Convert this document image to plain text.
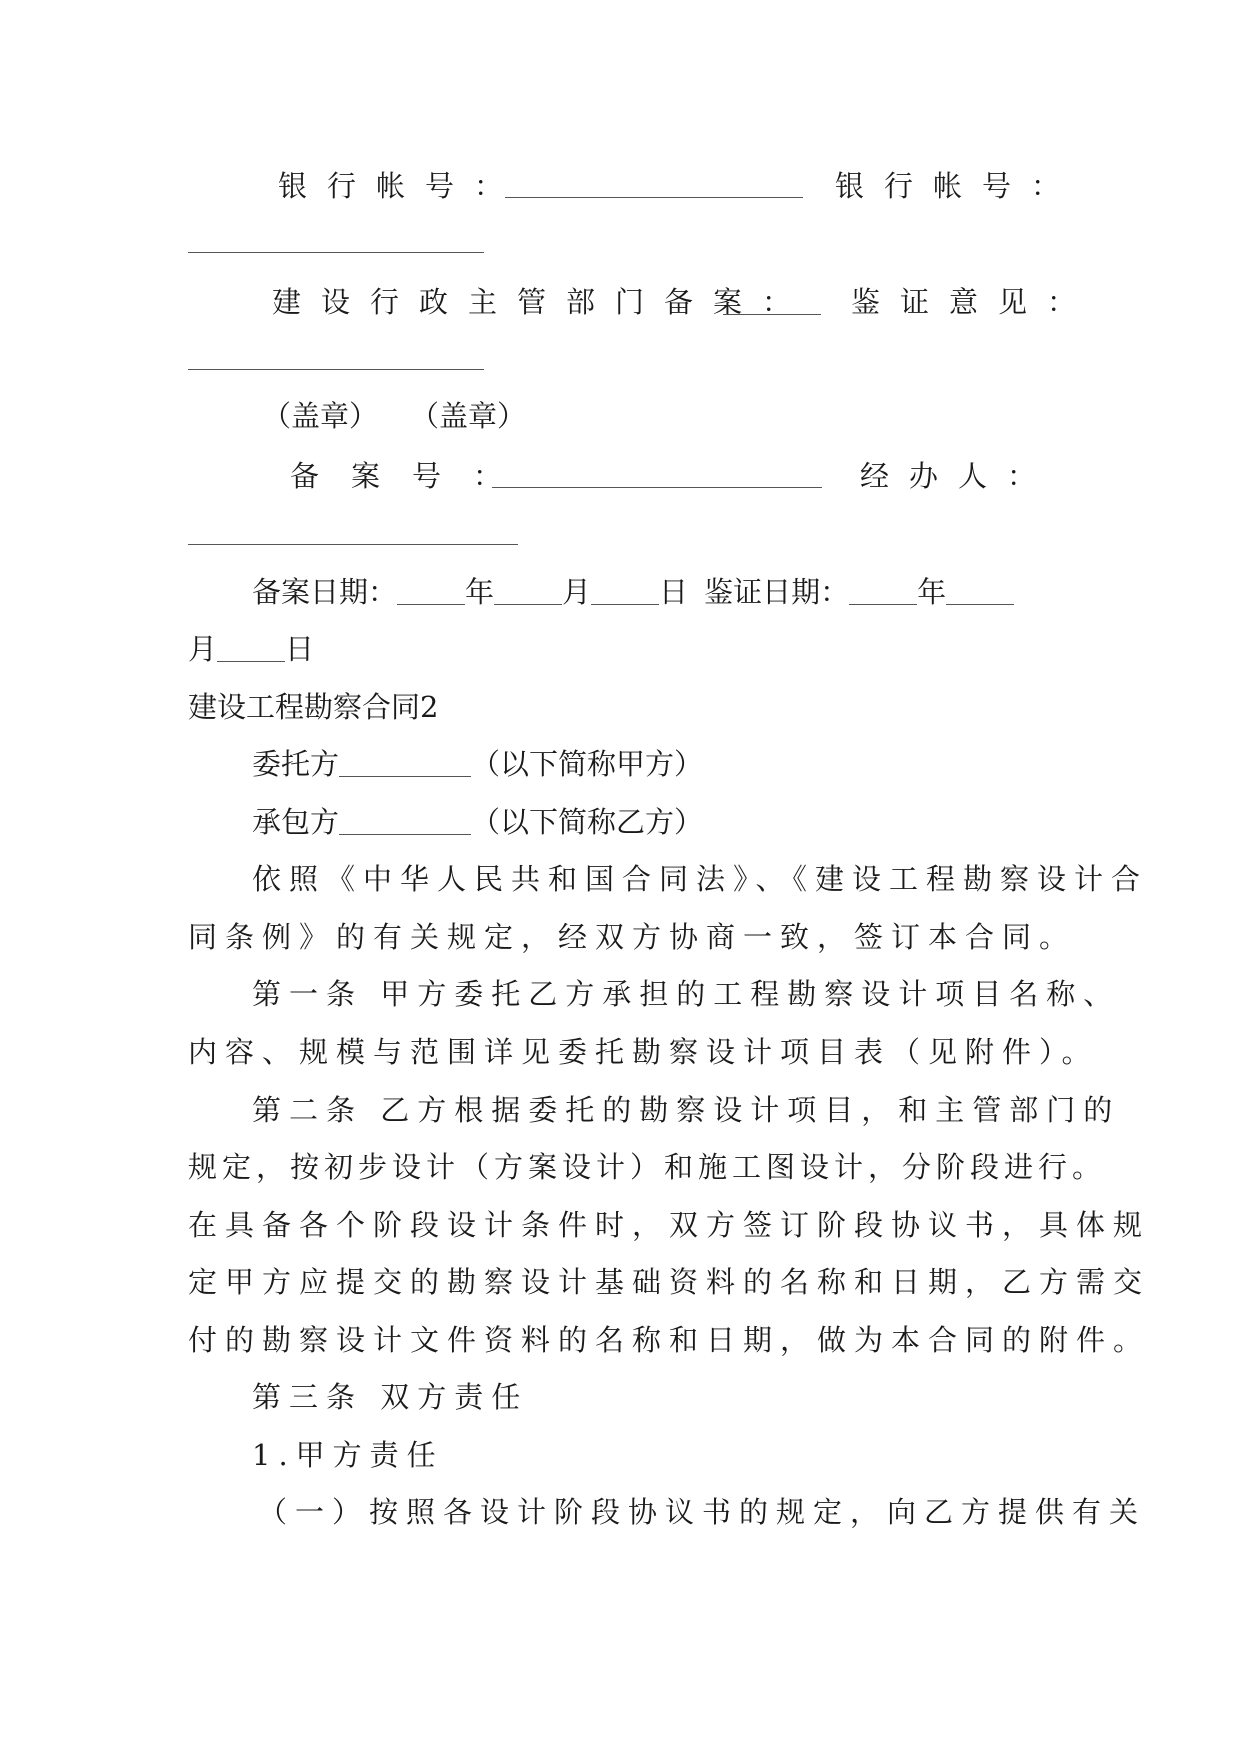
银行帐号：	银行帐号：
建设行政主管部门备案： 鉴证意见：
（盖章） （盖章）
备案号：	经办人：
备案日期： 年 月 日 鉴证日期： 年
月 日
建设工程勘察合同2
委托方	（以下简称甲方）
承包方	（以下简称乙方）
依照《中华人民共和国合同法》、《建设工程勘察设计合
同条例》的有关规定，经双方协商一致，签订本合同。
第一条 甲方委托乙方承担的工程勘察设计项目名称、
内容、规模与范围详见委托勘察设计项目表（见附件）。
第二条 乙方根据委托的勘察设计项目，和主管部门的
规定，按初步设计（方案设计）和施工图设计，分阶段进行。
在具备各个阶段设计条件时，双方签订阶段协议书，具体规
定甲方应提交的勘察设计基础资料的名称和日期，乙方需交
付的勘察设计文件资料的名称和日期，做为本合同的附件。
第三条 双方责任
1.甲方责任
（一）按照各设计阶段协议书的规定，向乙方提供有关
